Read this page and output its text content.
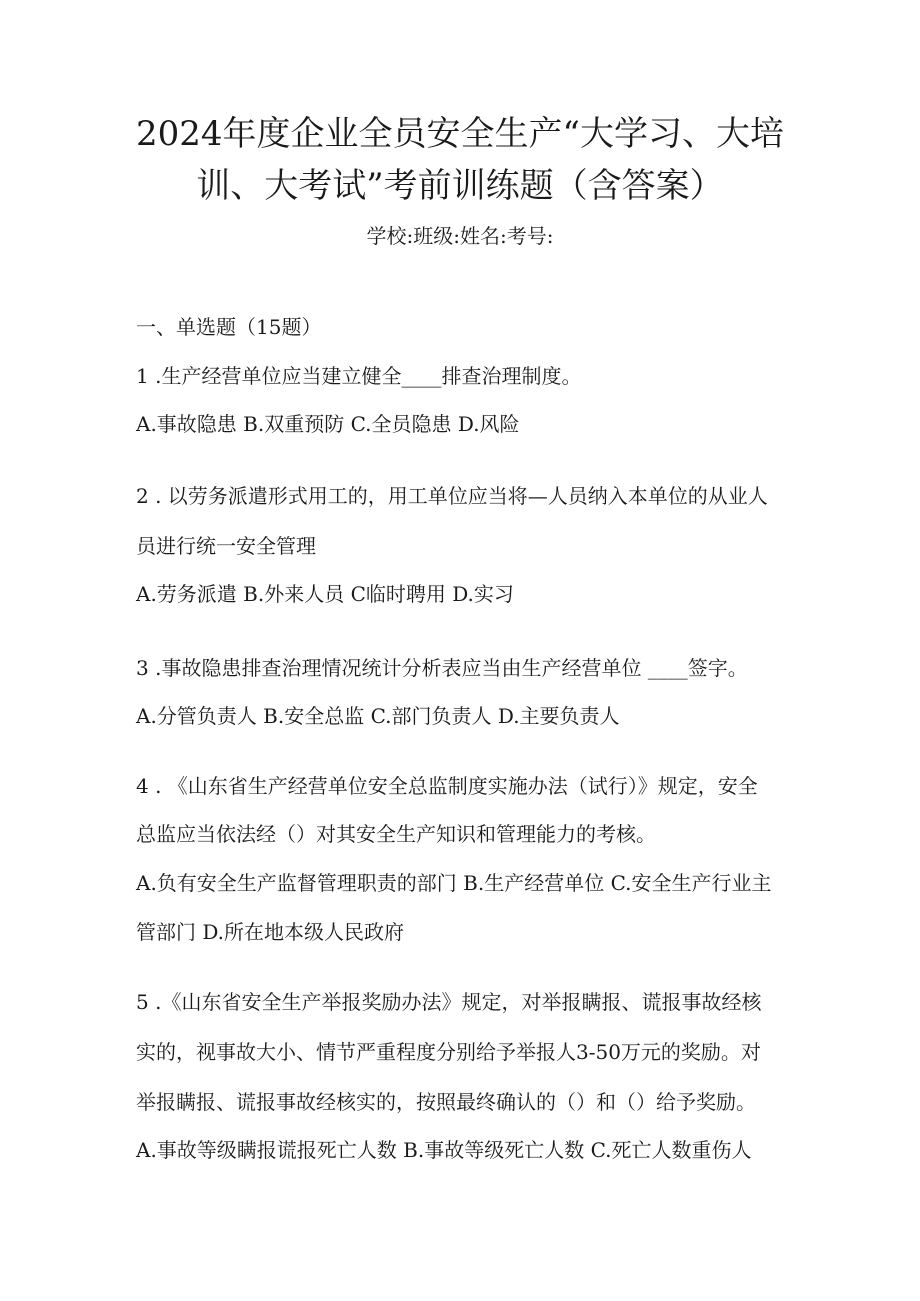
2024年度企业全员安全生产“大学习、大培
训、大考试”考前训练题（含答案）
学校:班级:姓名:考号:
一、单选题（15题）
1 .生产经营单位应当建立健全____排查治理制度。
A.事故隐患 B.双重预防 C.全员隐患 D.风险
2 . 以劳务派遣形式用工的，用工单位应当将—人员纳入本单位的从业人
员进行统一安全管理
A.劳务派遣 B.外来人员 C临时聘用 D.实习
3 .事故隐患排查治理情况统计分析表应当由生产经营单位 ____签字。
A.分管负责人 B.安全总监 C.部门负责人 D.主要负责人
4 . 《山东省生产经营单位安全总监制度实施办法（试行）》规定，安全
总监应当依法经（）对其安全生产知识和管理能力的考核。
A.负有安全生产监督管理职责的部门 B.生产经营单位 C.安全生产行业主
管部门 D.所在地本级人民政府
5 .《山东省安全生产举报奖励办法》规定，对举报瞒报、谎报事故经核
实的，视事故大小、情节严重程度分别给予举报人3-50万元的奖励。对
举报瞒报、谎报事故经核实的，按照最终确认的（）和（）给予奖励。
A.事故等级瞒报谎报死亡人数 B.事故等级死亡人数 C.死亡人数重伤人
